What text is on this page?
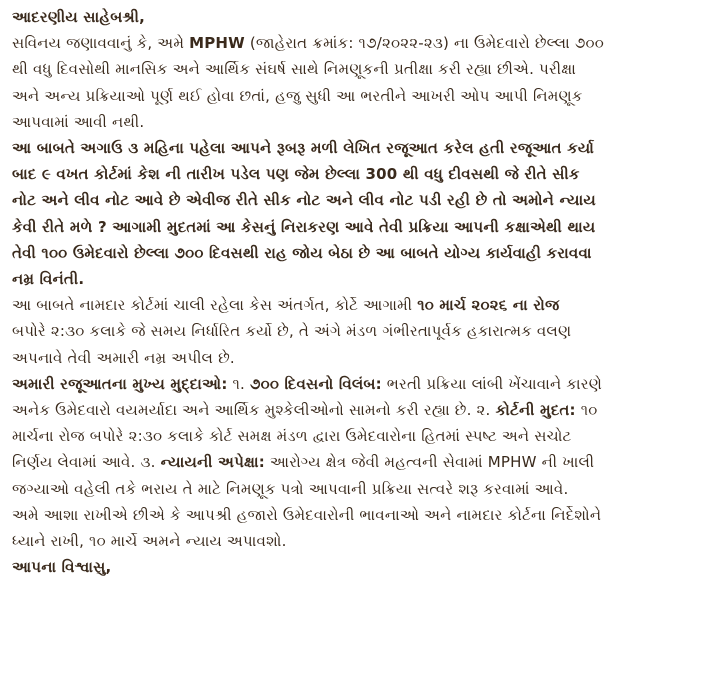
આદરણીય સાહેબશ્રી,
સવિનય જણાવવાનું કે, અમે MPHW (જાહેરાત ક્રમાંક: ૧૭/૨૦૨૨-૨૩) ના ઉમેદવારો છેલ્લા ૭૦૦
થી વધુ દિવસોથી માનસિક અને આર્થિક સંઘર્ષ સાથે નિમણૂકની પ્રતીક્ષા કરી રહ્યા છીએ. પરીક્ષા
અને અન્ય પ્રક્રિયાઓ પૂર્ણ થઈ હોવા છતાં, હજુ સુધી આ ભરતીને આખરી ઓપ આપી નિમણૂક
આપવામાં આવી નથી.
આ બાબતે અગાઉ ૩ મહિના પહેલા આપને રૂબરૂ મળી લેખિત રજૂઆત કરેલ હતી રજૂઆત કર્યા
બાદ ૯ વખત કોર્ટમાં કેશ ની તારીખ પડેલ પણ જેમ છેલ્લા 300 થી વધુ દીવસથી જે રીતે સીક
નોટ અને લીવ નોટ આવે છે એવીજ રીતે સીક નોટ અને લીવ નોટ પડી રહી છે તો અમોને ન્યાય
કેવી રીતે મળે ? આગામી મુદતમાં આ કેસનું નિરાકરણ આવે તેવી પ્રક્રિયા આપની કક્ષાએથી થાય
તેવી ૧૦૦ ઉમેદવારો છેલ્લા ૭૦૦ દિવસથી રાહ જોય બેઠા છે આ બાબતે યોગ્ય કાર્યવાહી કરાવવા
નમ્ર વિનંતી.
આ બાબતે નામદાર કોર્ટમાં ચાલી રહેલા કેસ અંતર્ગત, કોર્ટે આગામી ૧૦ માર્ચ ૨૦૨૬ ના રોજ
બપોરે ૨:૩૦ કલાકે જે સમય નિર્ધારિત કર્યો છે, તે અંગે મંડળ ગંભીરતાપૂર્વક હકારાત્મક વલણ
અપનાવે તેવી અમારી નમ્ર અપીલ છે.
અમારી રજૂઆતના મુખ્ય મુદ્દાઓ: ૧. ૭૦૦ દિવસનો વિલંબ: ભરતી પ્રક્રિયા લાંબી ખેંચાવાને કારણે
અનેક ઉમેદવારો વયમર્યાદા અને આર્થિક મુશ્કેલીઓનો સામનો કરી રહ્યા છે. ૨. કોર્ટની મુદત: ૧૦
માર્ચના રોજ બપોરે ૨:૩૦ કલાકે કોર્ટ સમક્ષ મંડળ દ્વારા ઉમેદવારોના હિતમાં સ્પષ્ટ અને સચોટ
નિર્ણય લેવામાં આવે. ૩. ન્યાયની અપેક્ષા: આરોગ્ય ક્ષેત્ર જેવી મહત્વની સેવામાં MPHW ની ખાલી
જગ્યાઓ વહેલી તકે ભરાય તે માટે નિમણૂક પત્રો આપવાની પ્રક્રિયા સત્વરે શરૂ કરવામાં આવે.
અમે આશા રાખીએ છીએ કે આપશ્રી હજારો ઉમેદવારોની ભાવનાઓ અને નામદાર કોર્ટના નિર્દેશોને
ધ્યાને રાખી, ૧૦ માર્ચે અમને ન્યાય અપાવશો.
આપના વિશ્વાસુ,
